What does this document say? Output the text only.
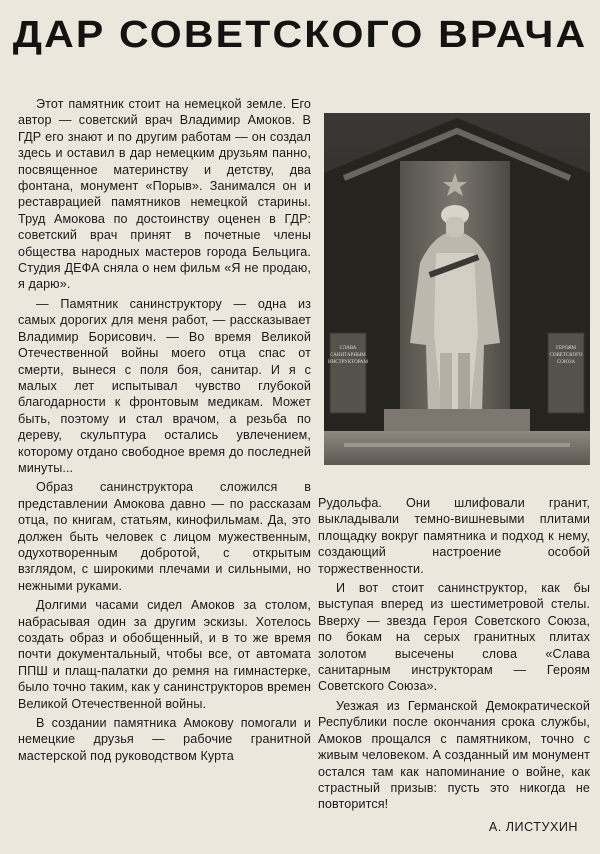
ДАР СОВЕТСКОГО ВРАЧА

Этот памятник стоит на немецкой земле. Его автор — советский врач Владимир Амоков. В ГДР его знают и по другим работам — он создал здесь и оставил в дар немецким друзьям панно, посвященное материнству и детству, два фонтана, монумент «Порыв». Занимался он и реставрацией памятников немецкой старины. Труд Амокова по достоинству оценен в ГДР: советский врач принят в почетные члены общества народных мастеров города Бельцига. Студия ДЕФА сняла о нем фильм «Я не продаю, я дарю».

— Памятник санинструктору — одна из самых дорогих для меня работ, — рассказывает Владимир Борисович. — Во время Великой Отечественной войны моего отца спас от смерти, вынеся с поля боя, санитар. И я с малых лет испытывал чувство глубокой благодарности к фронтовым медикам. Может быть, поэтому и стал врачом, а резьба по дереву, скульптура остались увлечением, которому отдано свободное время до последней минуты...

Образ санинструктора сложился в представлении Амокова давно — по рассказам отца, по книгам, статьям, кинофильмам. Да, это должен быть человек с лицом мужественным, одухотворенным добротой, с открытым взглядом, с широкими плечами и сильными, но нежными руками.

Долгими часами сидел Амоков за столом, набрасывая один за другим эскизы. Хотелось создать образ и обобщенный, и в то же время почти документальный, чтобы все, от автомата ППШ и плащ-палатки до ремня на гимнастерке, было точно таким, как у санинструкторов времен Великой Отечественной войны.

В создании памятника Амокову помогали и немецкие друзья — рабочие гранитной мастерской под руководством Курта

СЛАВА
САНИТАРНЫМ
ИНСТРУКТОРАМ
ГЕРОЯМ
СОВЕТСКОГО
СОЮЗА

Рудольфа. Они шлифовали гранит, выкладывали темно-вишневыми плитами площадку вокруг памятника и подход к нему, создающий настроение особой торжественности.

И вот стоит санинструктор, как бы выступая вперед из шестиметровой стелы. Вверху — звезда Героя Советского Союза, по бокам на серых гранитных плитах золотом высечены слова «Слава санитарным инструкторам — Героям Советского Союза».

Уезжая из Германской Демократической Республики после окончания срока службы, Амоков прощался с памятником, точно с живым человеком. А созданный им монумент остался там как напоминание о войне, как страстный призыв: пусть это никогда не повторится!

А. ЛИСТУХИН
